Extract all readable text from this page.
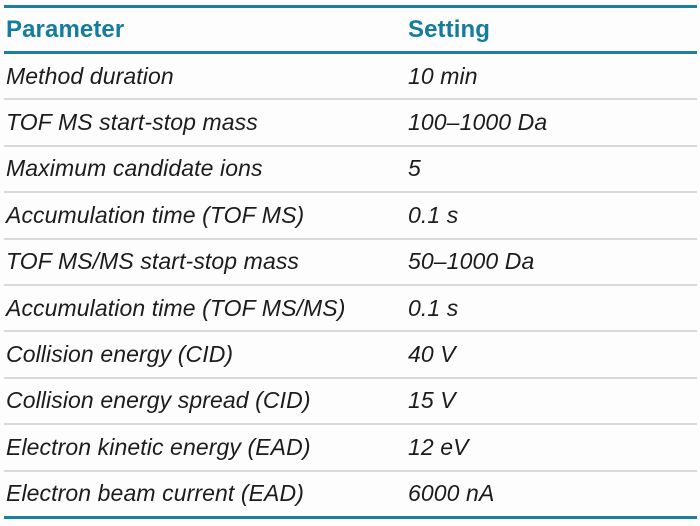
Parameter	Setting
Method duration	10 min
TOF MS start-stop mass	100–1000 Da
Maximum candidate ions	5
Accumulation time (TOF MS)	0.1 s
TOF MS/MS start-stop mass	50–1000 Da
Accumulation time (TOF MS/MS)	0.1 s
Collision energy (CID)	40 V
Collision energy spread (CID)	15 V
Electron kinetic energy (EAD)	12 eV
Electron beam current (EAD)	6000 nA
